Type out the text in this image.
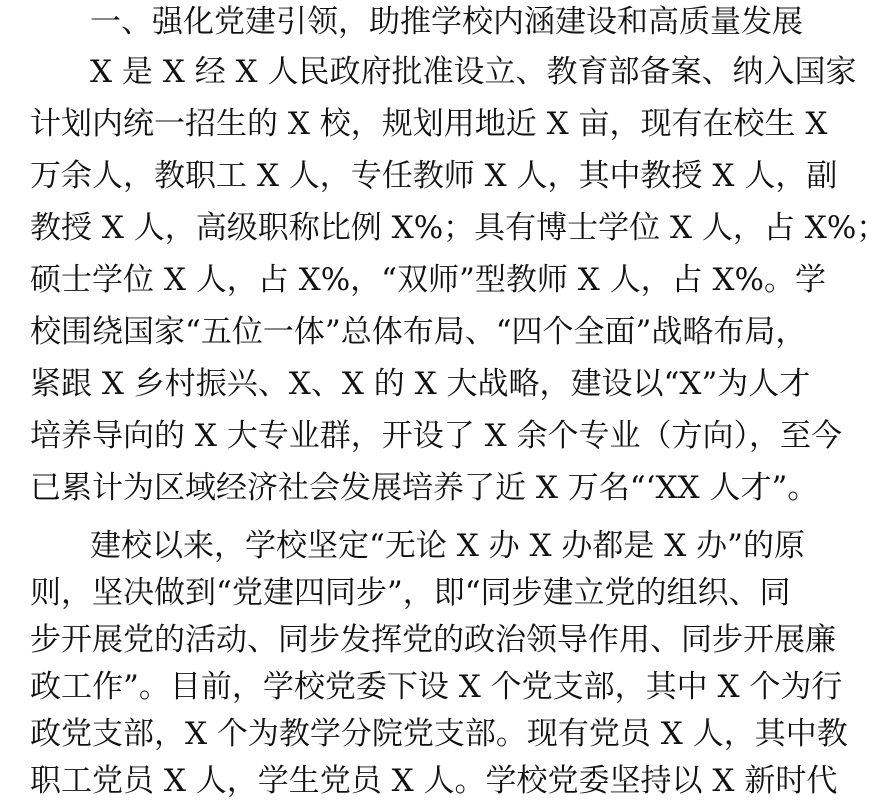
一、强化党建引领，助推学校内涵建设和高质量发展
X 是 X 经 X 人民政府批准设立、教育部备案、纳入国家
计划内统一招生的 X 校，规划用地近 X 亩，现有在校生 X
万余人，教职工 X 人，专任教师 X 人，其中教授 X 人，副
教授 X 人，高级职称比例 X%；具有博士学位 X 人，占 X%；
硕士学位 X 人，占 X%，“双师”型教师 X 人，占 X%。学
校围绕国家“五位一体”总体布局、“四个全面”战略布局，
紧跟 X 乡村振兴、X、X 的 X 大战略，建设以“X”为人才
培养导向的 X 大专业群，开设了 X 余个专业（方向），至今
已累计为区域经济社会发展培养了近 X 万名“‘XX 人才”。
建校以来，学校坚定“无论 X 办 X 办都是 X 办”的原
则，坚决做到“党建四同步”，即“同步建立党的组织、同
步开展党的活动、同步发挥党的政治领导作用、同步开展廉
政工作”。目前，学校党委下设 X 个党支部，其中 X 个为行
政党支部，X 个为教学分院党支部。现有党员 X 人，其中教
职工党员 X 人，学生党员 X 人。学校党委坚持以 X 新时代
